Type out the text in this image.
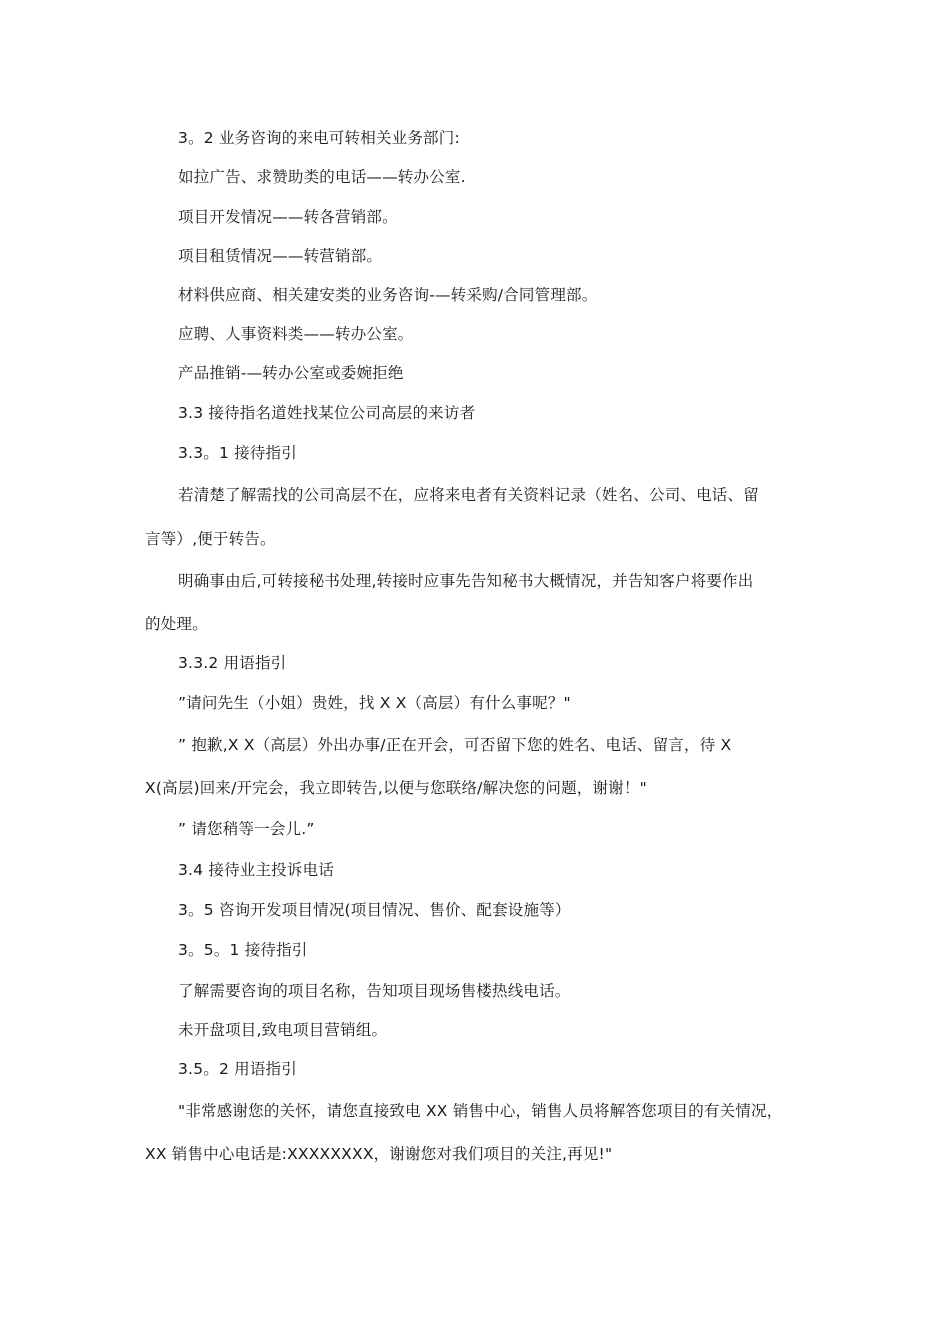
3。2 业务咨询的来电可转相关业务部门:
如拉广告、求赞助类的电话——转办公室.
项目开发情况——转各营销部。
项目租赁情况——转营销部。
材料供应商、相关建安类的业务咨询-—转采购/合同管理部。
应聘、人事资料类——转办公室。
产品推销-—转办公室或委婉拒绝
3.3 接待指名道姓找某位公司高层的来访者
3.3。1 接待指引
若清楚了解需找的公司高层不在，应将来电者有关资料记录（姓名、公司、电话、留
言等）,便于转告。
明确事由后,可转接秘书处理,转接时应事先告知秘书大概情况，并告知客户将要作出
的处理。
3.3.2 用语指引
”请问先生（小姐）贵姓，找 X X（高层）有什么事呢？"
” 抱歉,X X（高层）外出办事/正在开会，可否留下您的姓名、电话、留言，待 X
X(高层)回来/开完会，我立即转告,以便与您联络/解决您的问题，谢谢！"
” 请您稍等一会儿.”
3.4 接待业主投诉电话
3。5 咨询开发项目情况(项目情况、售价、配套设施等）
3。5。1 接待指引
了解需要咨询的项目名称，告知项目现场售楼热线电话。
未开盘项目,致电项目营销组。
3.5。2 用语指引
"非常感谢您的关怀，请您直接致电 XX 销售中心，销售人员将解答您项目的有关情况，
XX 销售中心电话是:XXXXXXXX，谢谢您对我们项目的关注,再见!"
